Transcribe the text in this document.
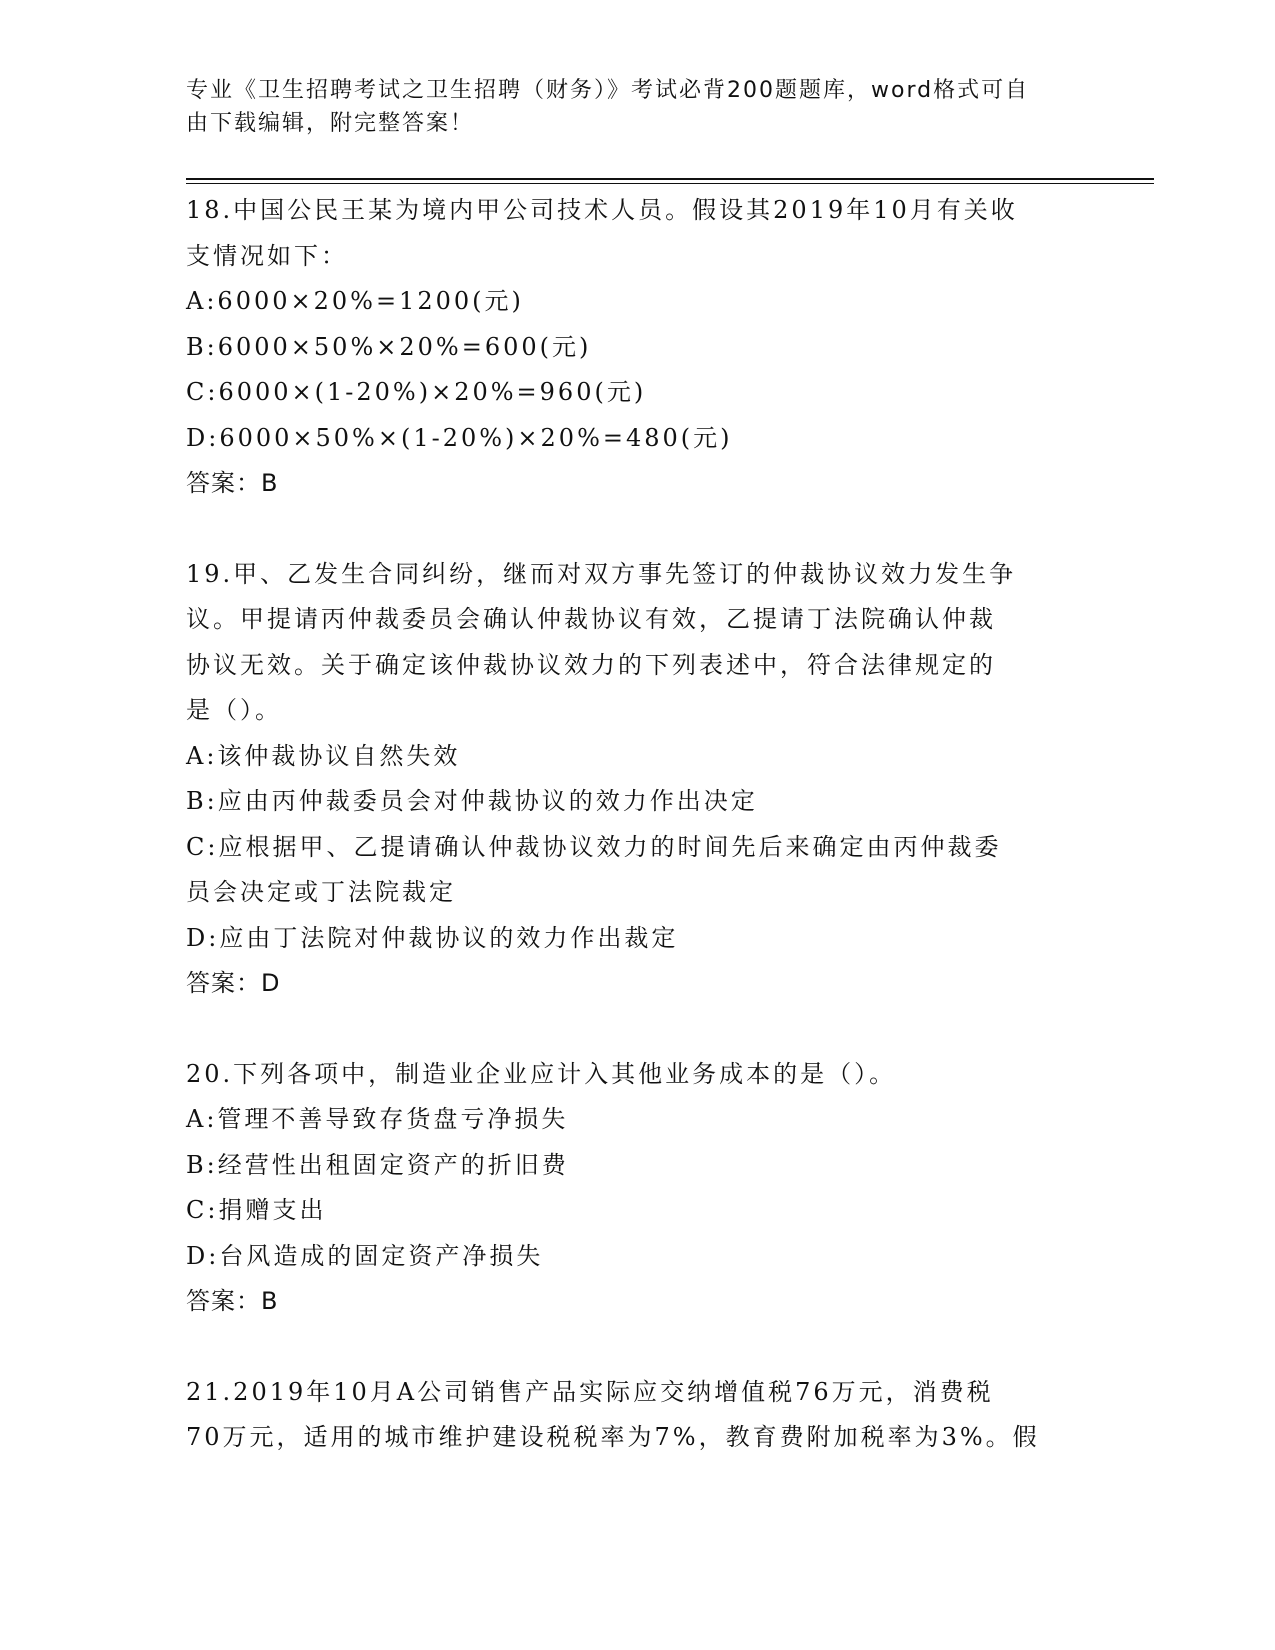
专业《卫生招聘考试之卫生招聘（财务）》考试必背200题题库，word格式可自
由下载编辑，附完整答案！
18.中国公民王某为境内甲公司技术人员。假设其2019年10月有关收
支情况如下：
A:6000×20%=1200(元)
B:6000×50%×20%=600(元)
C:6000×(1-20%)×20%=960(元)
D:6000×50%×(1-20%)×20%=480(元)
答案：B
19.甲、乙发生合同纠纷，继而对双方事先签订的仲裁协议效力发生争
议。甲提请丙仲裁委员会确认仲裁协议有效，乙提请丁法院确认仲裁
协议无效。关于确定该仲裁协议效力的下列表述中，符合法律规定的
是（）。
A:该仲裁协议自然失效
B:应由丙仲裁委员会对仲裁协议的效力作出决定
C:应根据甲、乙提请确认仲裁协议效力的时间先后来确定由丙仲裁委
员会决定或丁法院裁定
D:应由丁法院对仲裁协议的效力作出裁定
答案：D
20.下列各项中，制造业企业应计入其他业务成本的是（）。
A:管理不善导致存货盘亏净损失
B:经营性出租固定资产的折旧费
C:捐赠支出
D:台风造成的固定资产净损失
答案：B
21.2019年10月A公司销售产品实际应交纳增值税76万元，消费税
70万元，适用的城市维护建设税税率为7%，教育费附加税率为3%。假
